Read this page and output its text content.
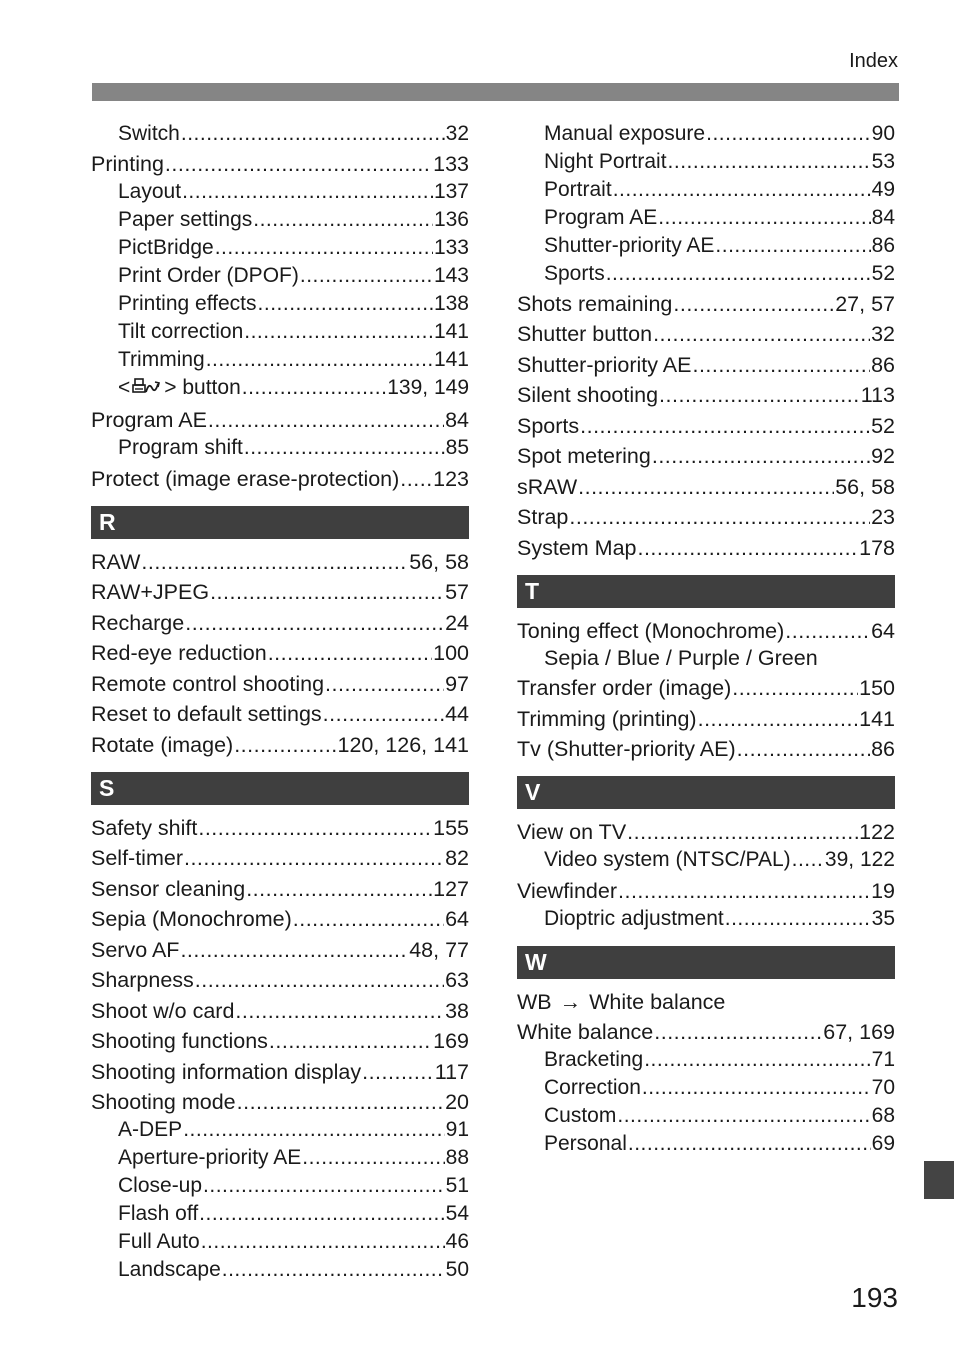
Index
Switch .....	32
Printing .....	133
Layout .....	137
Paper settings .....	136
PictBridge .....	133
Print Order (DPOF) .....	143
Printing effects .....	138
Tilt correction .....	141
Trimming .....	141
< > button .....	139, 149
Program AE .....	84
Program shift .....	85
Protect (image erase-protection) ..... 123
R
RAW .....	56, 58
RAW+JPEG .....	57
Recharge .....	24
Red-eye reduction .....	100
Remote control shooting .....	97
Reset to default settings .....	44
Rotate (image) .....	120, 126, 141
S
Safety shift .....	155
Self-timer .....	82
Sensor cleaning .....	127
Sepia (Monochrome) .....	64
Servo AF .....	48, 77
Sharpness .....	63
Shoot w/o card .....	38
Shooting functions .....	169
Shooting information display .....	117
Shooting mode .....	20
A-DEP .....	91
Aperture-priority AE .....	88
Close-up .....	51
Flash off .....	54
Full Auto .....	46
Landscape .....	50
Manual exposure .....	90
Night Portrait .....	53
Portrait .....	49
Program AE .....	84
Shutter-priority AE .....	86
Sports .....	52
Shots remaining .....	27, 57
Shutter button .....	32
Shutter-priority AE .....	86
Silent shooting .....	113
Sports .....	52
Spot metering .....	92
sRAW .....	56, 58
Strap .....	23
System Map .....	178
T
Toning effect (Monochrome) .....	64
Sepia / Blue / Purple / Green
Transfer order (image) .....	150
Trimming (printing) .....	141
Tv (Shutter-priority AE) .....	86
V
View on TV .....	122
Video system (NTSC/PAL) ..... 39, 122
Viewfinder .....	19
Dioptric adjustment .....	35
W
WB → White balance
White balance .....	67, 169
Bracketing .....	71
Correction .....	70
Custom .....	68
Personal .....	69
193
